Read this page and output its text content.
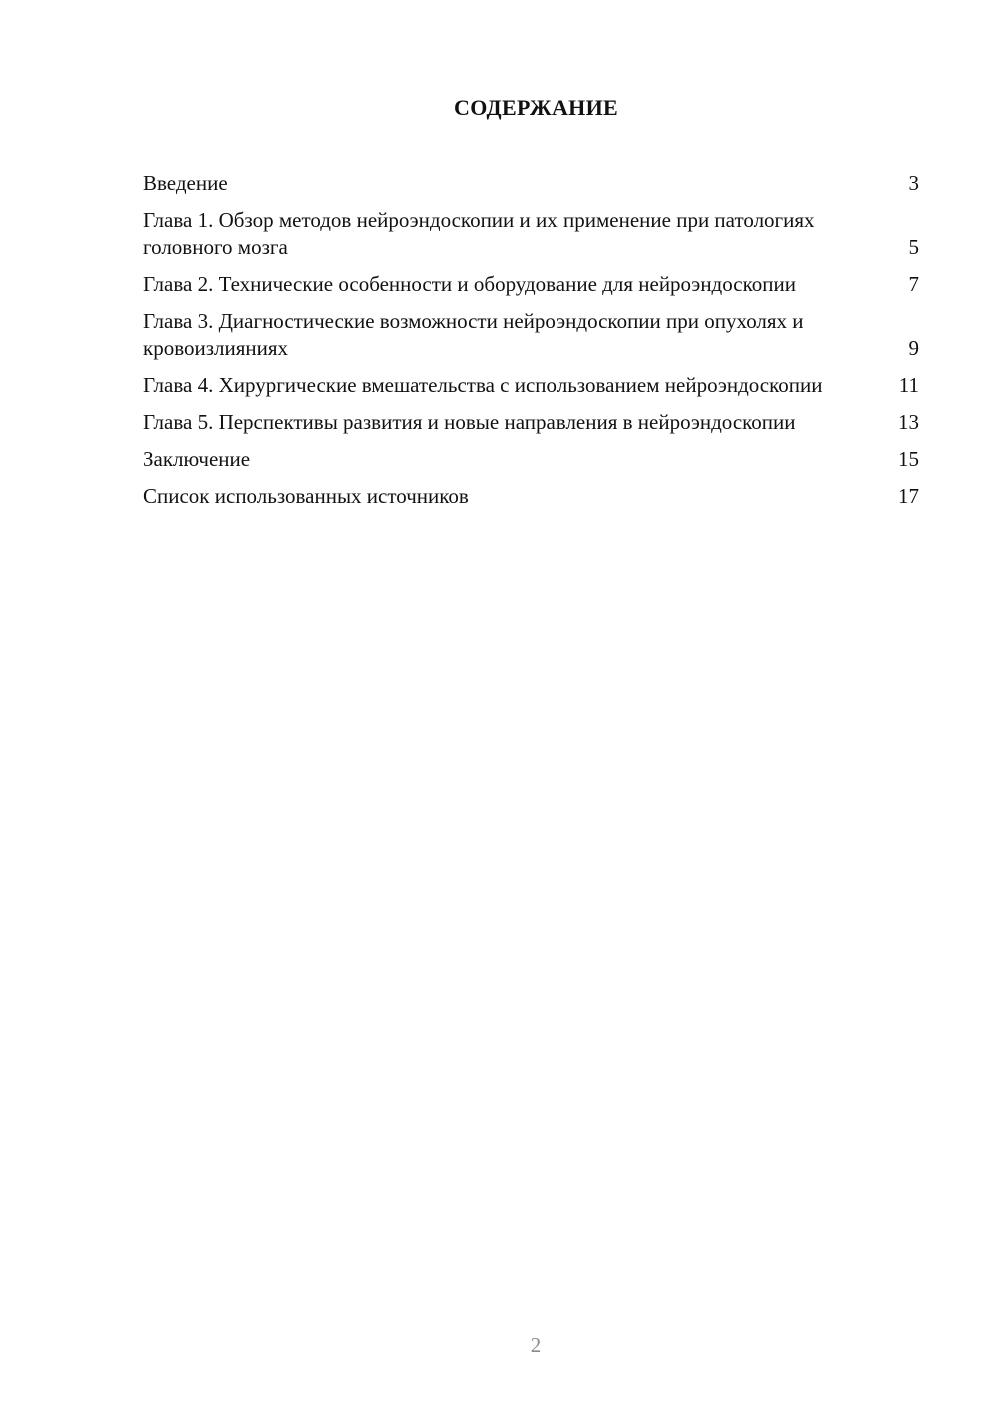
СОДЕРЖАНИЕ
Введение	3
Глава 1. Обзор методов нейроэндоскопии и их применение при патологиях головного мозга	5
Глава 2. Технические особенности и оборудование для нейроэндоскопии	7
Глава 3. Диагностические возможности нейроэндоскопии при опухолях и кровоизлияниях	9
Глава 4. Хирургические вмешательства с использованием нейроэндоскопии	11
Глава 5. Перспективы развития и новые направления в нейроэндоскопии	13
Заключение	15
Список использованных источников	17
2
